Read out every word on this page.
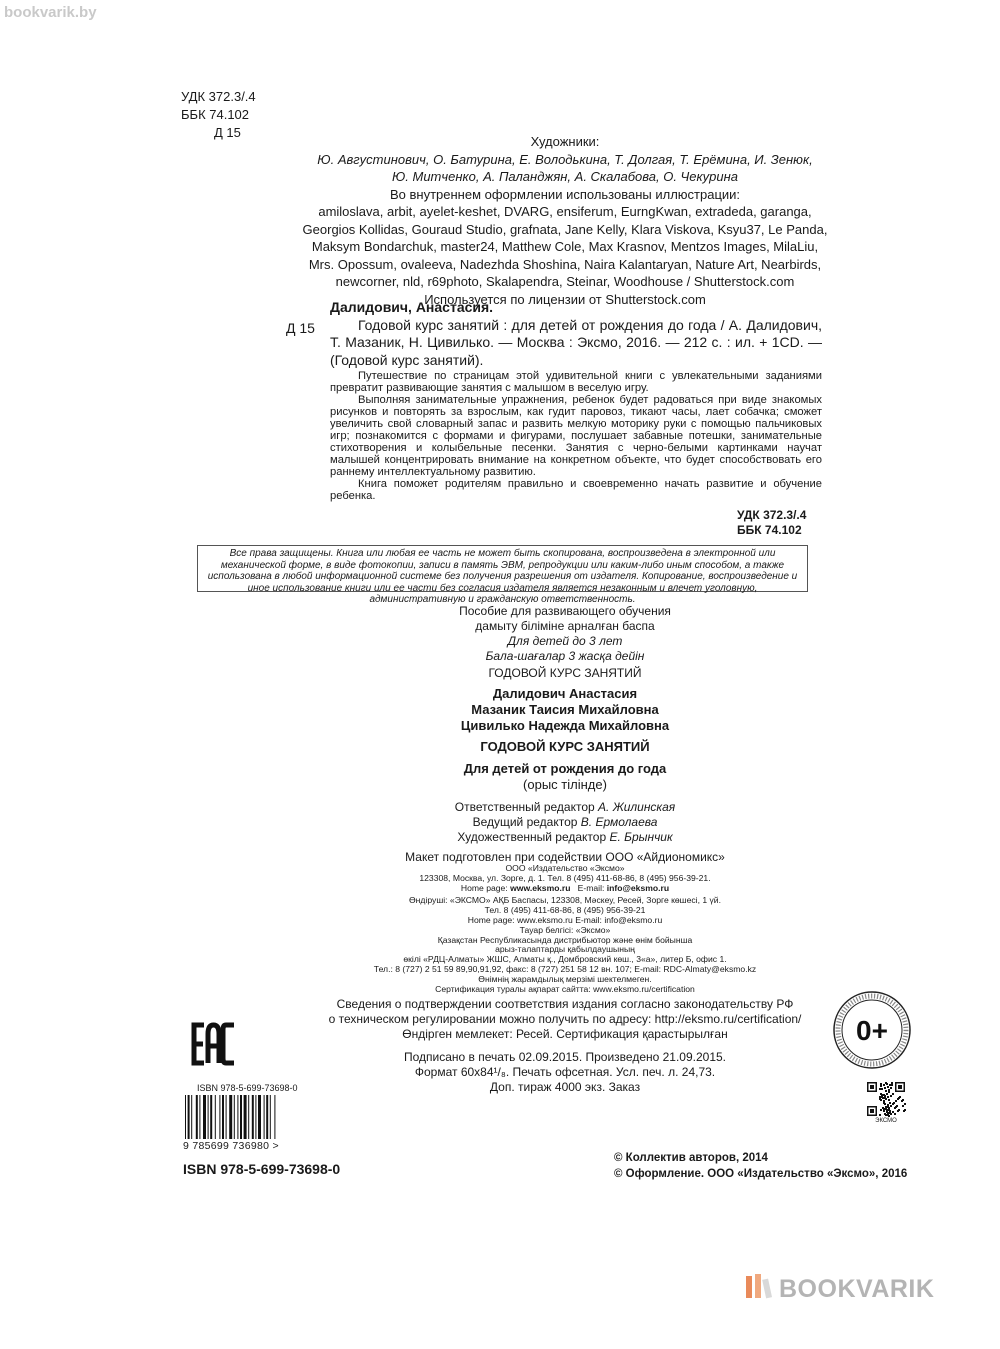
bookvarik.by
УДК 372.3/.4
ББК 74.102
Д 15
Художники:
Ю. Августинович, О. Батурина, Е. Володькина, Т. Долгая, Т. Ерёмина, И. Зенюк,
Ю. Митченко, А. Паланджян, А. Скалабова, О. Чекурина
Во внутреннем оформлении использованы иллюстрации:
amiloslava, arbit, ayelet-keshet, DVARG, ensiferum, EurngKwan, extradeda, garanga,
Georgios Kollidas, Gouraud Studio, grafnata, Jane Kelly, Klara Viskova, Ksyu37, Le Panda,
Maksym Bondarchuk, master24, Matthew Cole, Max Krasnov, Mentzos Images, MilaLiu,
Mrs. Opossum, ovaleeva, Nadezhda Shoshina, Naira Kalantaryan, Nature Art, Nearbirds,
newcorner, nld, r69photo, Skalapendra, Steinar, Woodhouse / Shutterstock.com
Используется по лицензии от Shutterstock.com
Д 15
Далидович, Анастасия.
Годовой курс занятий : для детей от рождения до года / А. Далидович, Т. Мазаник, Н. Цивилько. — Москва : Эксмо, 2016. — 212 с. : ил. + 1CD. — (Годовой курс занятий).

Путешествие по страницам этой удивительной книги с увлекательными заданиями превратит развивающие занятия с малышом в веселую игру.

Выполняя занимательные упражнения, ребенок будет радоваться при виде знакомых рисунков и повторять за взрослым, как гудит паровоз, тикают часы, лает собачка; сможет увеличить свой словарный запас и развить мелкую моторику руки с помощью пальчиковых игр; познакомится с формами и фигурами, послушает забавные потешки, занимательные стихотворения и колыбельные песенки. Занятия с черно-белыми картинками научат малышей концентрировать внимание на конкретном объекте, что будет способствовать его раннему интеллектуальному развитию.

Книга поможет родителям правильно и своевременно начать развитие и обучение ребенка.

УДК 372.3/.4
ББК 74.102
Все права защищены. Книга или любая ее часть не может быть скопирована, воспроизведена в электронной или механической форме, в виде фотокопии, записи в память ЭВМ, репродукции или каким-либо иным способом, а также использована в любой информационной системе без получения разрешения от издателя. Копирование, воспроизведение и иное использование книги или ее части без согласия издателя является незаконным и влечет уголовную, административную и гражданскую ответственность.
Пособие для развивающего обучения
дамыту біліміне арналған баспа
Для детей до 3 лет
Бала-шағалар 3 жасқа дейін
ГОДОВОЙ КУРС ЗАНЯТИЙ
Далидович Анастасия
Мазаник Таисия Михайловна
Цивилько Надежда Михайловна
ГОДОВОЙ КУРС ЗАНЯТИЙ
Для детей от рождения до года
(орыс тілінде)
Ответственный редактор А. Жилинская
Ведущий редактор В. Ермолаева
Художественный редактор Е. Брынчик
Макет подготовлен при содействии ООО «Айдиономикс»
ООО «Издательство «Эксмо»
123308, Москва, ул. Зорге, д. 1. Тел. 8 (495) 411-68-86, 8 (495) 956-39-21.
Home page: www.eksmo.ru E-mail: info@eksmo.ru
Өндіруші: «ЭКСМО» АҚБ Баспасы, 123308, Мәскеу, Ресей, Зорге көшесі, 1 үй.
Тел. 8 (495) 411-68-86, 8 (495) 956-39-21
Home page: www.eksmo.ru E-mail: info@eksmo.ru
Тауар белгісі: «Эксмо»
Қазақстан Республикасында дистрибьютор және өнім бойынша
арыз-талаптарды қабылдаушының
өкілі «РДЦ-Алматы» ЖШС, Алматы қ., Домбровский көш., 3«а», литер Б, офис 1.
Тел.: 8 (727) 2 51 59 89,90,91,92, факс: 8 (727) 251 58 12 вн. 107; E-mail: RDC-Almaty@eksmo.kz
Өнімнің жарамдылық мерзімі шектелмеген.
Сертификация туралы ақпарат сайтта: www.eksmo.ru/certification
Сведения о подтверждении соответствия издания согласно законодательству РФ
о техническом регулировании можно получить по адресу: http://eksmo.ru/certification/
Өндірген мемлекет: Ресей. Сертификация қарастырылған
Подписано в печать 02.09.2015. Произведено 21.09.2015.
Формат 60x84¹/₈. Печать офсетная. Усл. печ. л. 24,73.
Доп. тираж 4000 экз. Заказ
ISBN 978-5-699-73698-0
9 785699 736980 >
ISBN 978-5-699-73698-0
0+
ЭКСМО
© Коллектив авторов, 2014
© Оформление. ООО «Издательство «Эксмо», 2016
BOOKVARIK
